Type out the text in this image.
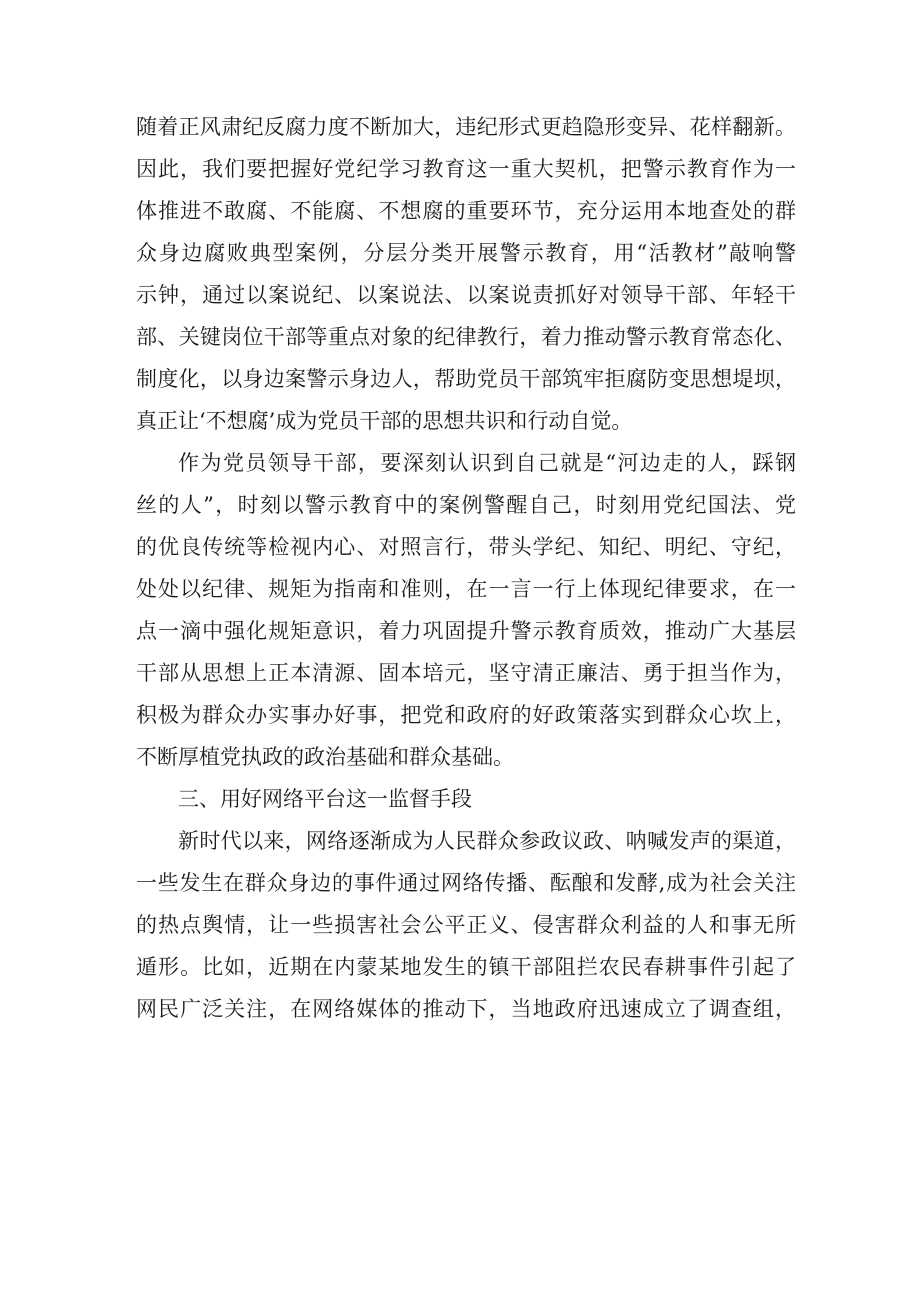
随着正风肃纪反腐力度不断加大，违纪形式更趋隐形变异、花样翻新。
因此，我们要把握好党纪学习教育这一重大契机，把警示教育作为一
体推进不敢腐、不能腐、不想腐的重要环节，充分运用本地查处的群
众身边腐败典型案例，分层分类开展警示教育，用“活教材”敲响警
示钟，通过以案说纪、以案说法、以案说责抓好对领导干部、年轻干
部、关键岗位干部等重点对象的纪律教行，着力推动警示教育常态化、
制度化，以身边案警示身边人，帮助党员干部筑牢拒腐防变思想堤坝，
真正让‘不想腐’成为党员干部的思想共识和行动自觉。
作为党员领导干部，要深刻认识到自己就是“河边走的人，踩钢
丝的人”，时刻以警示教育中的案例警醒自己，时刻用党纪国法、党
的优良传统等检视内心、对照言行，带头学纪、知纪、明纪、守纪，
处处以纪律、规矩为指南和准则，在一言一行上体现纪律要求，在一
点一滴中强化规矩意识，着力巩固提升警示教育质效，推动广大基层
干部从思想上正本清源、固本培元，坚守清正廉洁、勇于担当作为，
积极为群众办实事办好事，把党和政府的好政策落实到群众心坎上，
不断厚植党执政的政治基础和群众基础。
三、用好网络平台这一监督手段
新时代以来，网络逐渐成为人民群众参政议政、呐喊发声的渠道，
一些发生在群众身边的事件通过网络传播、酝酿和发酵,成为社会关注
的热点舆情，让一些损害社会公平正义、侵害群众利益的人和事无所
遁形。比如，近期在内蒙某地发生的镇干部阻拦农民春耕事件引起了
网民广泛关注，在网络媒体的推动下，当地政府迅速成立了调查组，
